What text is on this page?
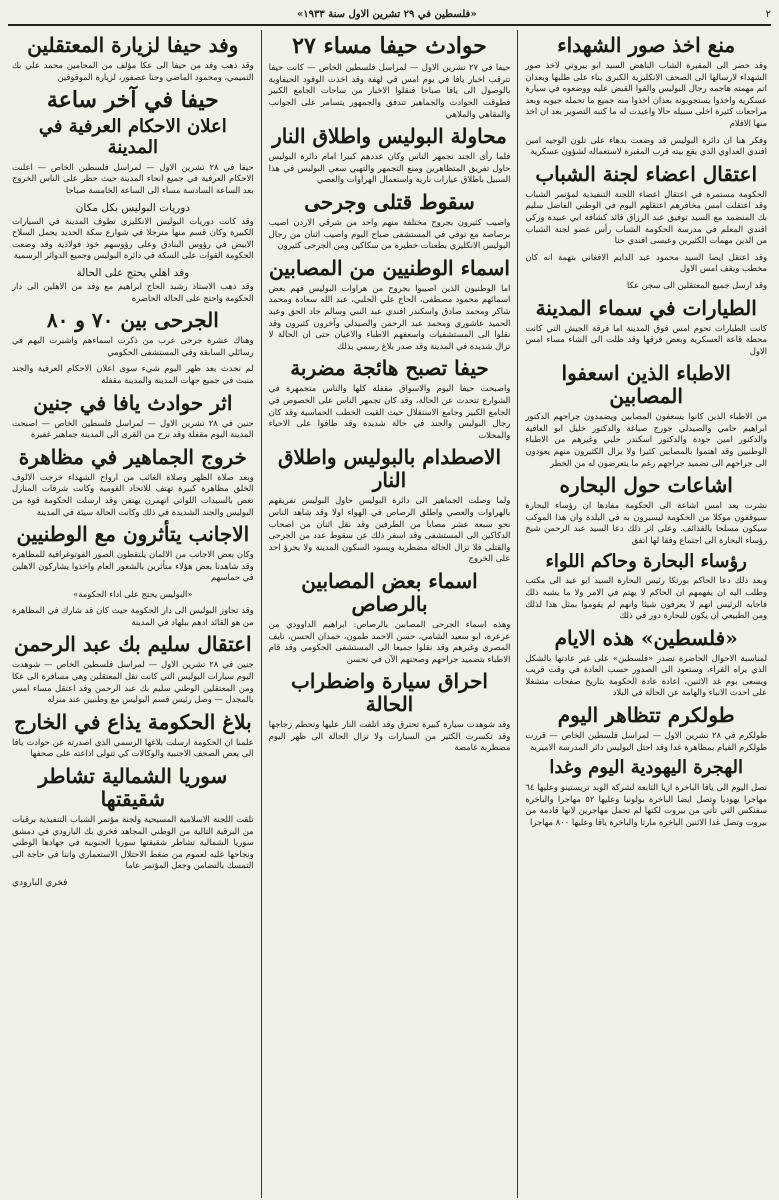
٢
«فلسطين في ٢٩ تشرين الاول سنة ١٩٣٣»
منع اخذ صور الشهداء

وقد حضر الى المقبرة الشاب الناهض السيد ابو بيروتي لاخذ صور الشهداء لارسالها الى الصحف الانكليزية الكبرى بناء على طلبها وبعدان اتم مهمته هاجمه رجال البوليس والقوا القبض عليه ووضعوه في سيارة عسكرية واخذوا يستجوبونه بعدان اخذوا منه جميع ما تحمله جيوبه وبعد مراجعات كثيرة اخلى سبيله حالا واعيدت له ما كتبه التصوير بعد ان اخذ منها الافلام

وفكر هنا ان دائرة البوليس قد وضعت بدهاء على تلون الوجيه امين افندي العداوي الذي يقع بيته قرب المقبرة لاستعماله لشؤون عسكرية

اعتقال اعضاء لجنة الشباب

الحكومة مستمرة في اعتقال اعضاء اللجنة التنفيذية لمؤتمر الشباب وقد اعتقلت امس مخافرهم اعتقلهم اليوم في الوطني الفاضل سليم بك المنضمد مع السيد توفيق عبد الرزاق قائد كشافة ابي عبيدة وزكي افندي المعلم في مدرسة الحكومة الشباب رأس عضو لجنة الشباب من الذين مهمات الكثيرين وعيسى افندي حنا

وقد اعتقل ايضا السيد محمود عبد الدايم الافغاني بتهمة انه كان مخطب ويقف امس الاول

وقد ارسل جميع المعتقلين الى سجن عكا

الطيارات في سماء المدينة

كانت الطيارات تحوم امس فوق المدينة اما فرقة الجيش التي كانت محطة قاعة العسكرية وبعض فرقها وقد ظلت الى الشاء مساء امس الاول

الاطباء الذين اسعفوا المصابين

من الاطباء الذين كانوا يسعفون المصابين ويضمدون جراحهم الدكتور ابراهيم حامي والصيدلي جورج صباغة والدكتور خليل ابو العافية والدكتور امين جودة والدكتور اسكندر حلبي وغيرهم من الاطباء الوطنيين وقد اهتموا بالمصابين كثيرا ولا يزال الكثيرون منهم يعودون الى جراحهم الى تضميد جراحهم رغم ما يتعرضون له من الخطر

اشاعات حول البحاره

نشرت بعد امس اشاعة الى الحكومة مفادها ان رؤساء البحارة سيوقفون موكلا من الحكومة ليسيرون به في البلدة وان هذا الموكب سيكون مسلحا بالقذائف. وعلى اثر ذلك دعا السيد عبد الرحمن شيخ رؤساء البحارة الى اجتماع وفقا لها اتفق

رؤساء البحارة وحاكم اللواء

وبعد ذلك دعا الحاكم بورتكا رئيس البحارة السيد ابو عيد الى مكتب وطلب اليه ان يفهمهم ان الحاكم لا يهتم في الامر ولا ما يشبه ذلك فاجابه الرئيس انهم لا يعرفون شيئا وانهم لم يقوموا بمثل هذا لذلك ومن الطبيعي ان يكون للبحارة دور في ذلك

«فلسطين» هذه الايام

لمناسبة الاحوال الحاضرة تصدر «فلسطين» على غير عادتها بالشكل الذي يراه القراء، وستعود الى الصدور حسب العادة في وقت قريب ويسعى بوم غد الاثنين، اعادة عادة الحكومة بتاريخ صفحات متشغلا على احدث الانباء والهامة عن الحالة في البلاد

طولكرم تتظاهر اليوم

طولكرم في ٢٨ تشرين الاول — لمراسل فلسطين الخاص — قررت طولكرم القيام بمظاهرة غدا وقد احتل البوليس دائر المدرسة الاميرية

الهجرة اليهودية اليوم وغدا

تصل اليوم الى يافا الباخرة ازيا التابعة لشركة الوبد تريستينو وعليها ٦٤ مهاجرا يهوديا وتصل ايضا الباخرة بولونيا وعليها ٥٢ مهاجرا والباخرة سفنكس التي تأتي من بيروت لكنها لم تحمل مهاجرين لانها قادمة من بيروت وتصل غدا الاثنين الباخرة مارتا والباخرة يافا وعليها ٨٠٠ مهاجرا

حوادث حيفا مساء ٢٧

حيفا في ٢٧ تشرين الاول — لمراسل فلسطين الخاص — كانت حيفا تترقب اخبار يافا في يوم امس في لهفة وقد اخذت الوفود الحيفاوية بالوصول الى يافا صباحا فنقلوا الاخبار من ساحات الجامع الكبير فطوقت الحوادث والجماهير تتدفق والجمهور يتسامر على الجوانب والمقاهي والملاهي

محاولة البوليس واطلاق النار

فلما رأى الجند تجمهر الناس وكان عددهم كبيرا امام دائرة البوليس حاول تفريق المتظاهرين ومنع التجمهر والتهبي سعي البوليس في هذا السبيل باطلاق عيارات نارية واستعمال الهراوات والعصي

سقوط قتلى وجرحى

واصيب كثيرون بجروح مختلفة منهم واحد من شرقي الاردن اصيب برصاصة مع توفي في المستشفى صباح اليوم واصيب اثنان من رجال البوليس الانكليزي بطعنات خطيرة من سكاكين ومن الجرحى كثيرون

اسماء الوطنيين من المصابين

اما الوطنيون الذين اصيبوا بجروح من هراوات البوليس فهم بعض اسمائهم محمود مصطفى، الحاج علي الحلبي، عبد الله سعادة ومحمد شاكر ومحمد صادق واسكندر افندي عبد النبي وسالم جاد الحق وعبد الحميد عاشوري ومحمد عبد الرحمن والصيدلي وآخرون كثيرون وقد نقلوا الى المستشفيات واسعفهم الاطباء والاعيان حتى ان الحالة لا تزال شديدة في المدينة وقد صدر بلاغ رسمي بذلك

حيفا تصبح هائجة مضربة

واصبحت حيفا اليوم والاسواق مقفلة كلها والناس متجمهرة في الشوارع تتحدث عن الحالة، وقد كان تجمهر الناس على الخصوص في الجامع الكبير وجامع الاستقلال حيث القيت الخطب الحماسية وقد كان رجال البوليس والجند في حالة شديدة وقد طافوا على الاحياء والمحلات

الاصطدام بالبوليس واطلاق النار

ولما وصلت الجماهير الى دائرة البوليس حاول البوليس تفريقهم بالهراوات والعصي واطلق الرصاص في الهواء اولا وقد شاهد الناس نحو سبعة عشر مصابا من الطرفين وقد نقل اثنان من اصحاب الدكاكين الى المستشفى وقد اسفر ذلك عن سقوط عدد من الجرحى والقتلى فلا تزال الحالة مضطربة ويسود السكون المدينة ولا يجرؤ احد على الخروج

اسماء بعض المصابين بالرصاص

وهذه اسماء الجرحى المصابين بالرصاص: ابراهيم الداوودي من عرعرة، ابو سعيد الشامي، حسن الاحمد طمون، حمدان الحسن، نايف المصري وغيرهم وقد نقلوا جميعا الى المستشفى الحكومي وقد قام الاطباء بتضميد جراحهم وصحتهم الآن في تحسن

احراق سيارة واضطراب الحالة

وقد شوهدت سيارة كبيرة تحترق وقد اتلفت النار عليها وتحطم زجاجها وقد تكسرت الكثير من السيارات ولا تزال الحالة الى ظهر اليوم مضطربة غامضة

وفد حيفا لزيارة المعتقلين

وقد ذهب وفد من حيفا الى عكا مؤلف من المحامين محمد علي بك التميمي، ومحمود الماضي وحنا عصفور، لزيارة الموقوفين

حيفا في آخر ساعة
اعلان الاحكام العرفية في المدينة

حيفا في ٢٨ تشرين الاول — لمراسل فلسطين الخاص — اعلنت الاحكام العرفية في جميع انحاء المدينة حيث حظر على الناس الخروج بعد الساعة السادسة مساء الى الساعة الخامسة صباحا

دوريات البوليس بكل مكان

وقد كانت دوريات البوليس الانكليزي تطوف المدينة في السيارات الكبيرة وكان قسم منها مترجلا في شوارع سكة الحديد يحمل السلاح الابيض في رؤوس البنادق وعلى رؤوسهم خوذ فولاذية وقد وضعت الحكومة القوات على السكة في دائرة البوليس وجميع الدوائر الرسمية

وفد اهلي يحتج على الحالة

وقد ذهب الاستاذ رشيد الحاج ابراهيم مع وفد من الاهلين الى دار الحكومة واحتج على الحالة الحاضرة

الجرحى بين ٧٠ و ٨٠

وهناك عشرة جرحى عرب من ذكرت اسماءهم واشيرت اليهم في رسائلي السابقة وفي المستشفى الحكومي

لم نحدث بعد ظهر اليوم شيء سوى اعلان الاحكام العرفية والجند منبث في جميع جهات المدينة والمدينة مقفلة

اثر حوادث يافا في جنين

جنين في ٢٨ تشرين الاول — لمراسل فلسطين الخاص — اصبحت المدينة اليوم مقفلة وقد نزح من القرى الى المدينة جماهير غفيرة

خروج الجماهير في مظاهرة

وبعد صلاة الظهر وصلاة الغائب من ارواح الشهداء خرجت الالوف الخلق مظاهرة كبيرة تهتف للاتحاد القومية وكانت شرفات المنازل تغص بالسيدات اللواتي انهمرن يهتفن وقد ارسلت الحكومة قوة من البوليس والجند الشديدة في ذلك وكانت الحالة سيئة في المدينة

الاجانب يتأثرون مع الوطنيين

وكان بعض الاجانب من الالمان يلتقطون الصور الفوتوغرافية للمظاهرة وقد شاهدنا بعض هؤلاء متأثرين بالشعور العام واخذوا يشاركون الاهلين في حماسهم

«البوليس يحتج على اداء الحكومة»

وقد تجاوز البوليس الى دار الحكومة حيث كان قد شارك في المظاهرة من هو القائد ادهم ببلهاد في المدينة

اعتقال سليم بك عبد الرحمن

جنين في ٢٨ تشرين الاول — لمراسل فلسطين الخاص — شوهدت اليوم سيارات البوليس التي كانت تقل المعتقلين وهي مسافرة الى عكا ومن المعتقلين الوطني سليم بك عبد الرحمن وفد اعتقل مساء امس بالمجدل — وصل رئيس قسم البوليس مع وطنيين عند منزله

بلاغ الحكومة يذاع في الخارج

علمنا ان الحكومة ارسلت بلاغها الرسمي الذي اصدرته عن حوادث يافا الى بعض الصحف الاجنبية والوكالات كي تتولى اذاعته على صحفها

سوريا الشمالية تشاطر شقيقتها

تلقت اللجنة الاسلامية المسيحية ولجنة مؤتمر الشباب التنفيذية برقيات من البرقية التالية من الوطني المجاهد فخري بك البارودي في دمشق سوريا الشمالية تشاطر شقيقتها سوريا الجنوبية في جهادها الوطني ونجاحها عليه لعموم من ضغط الاحتلال الاستعماري واننا في حاجة الى التمسك بالتضامن وجعل المؤتمر عاما

فخري البارودي
